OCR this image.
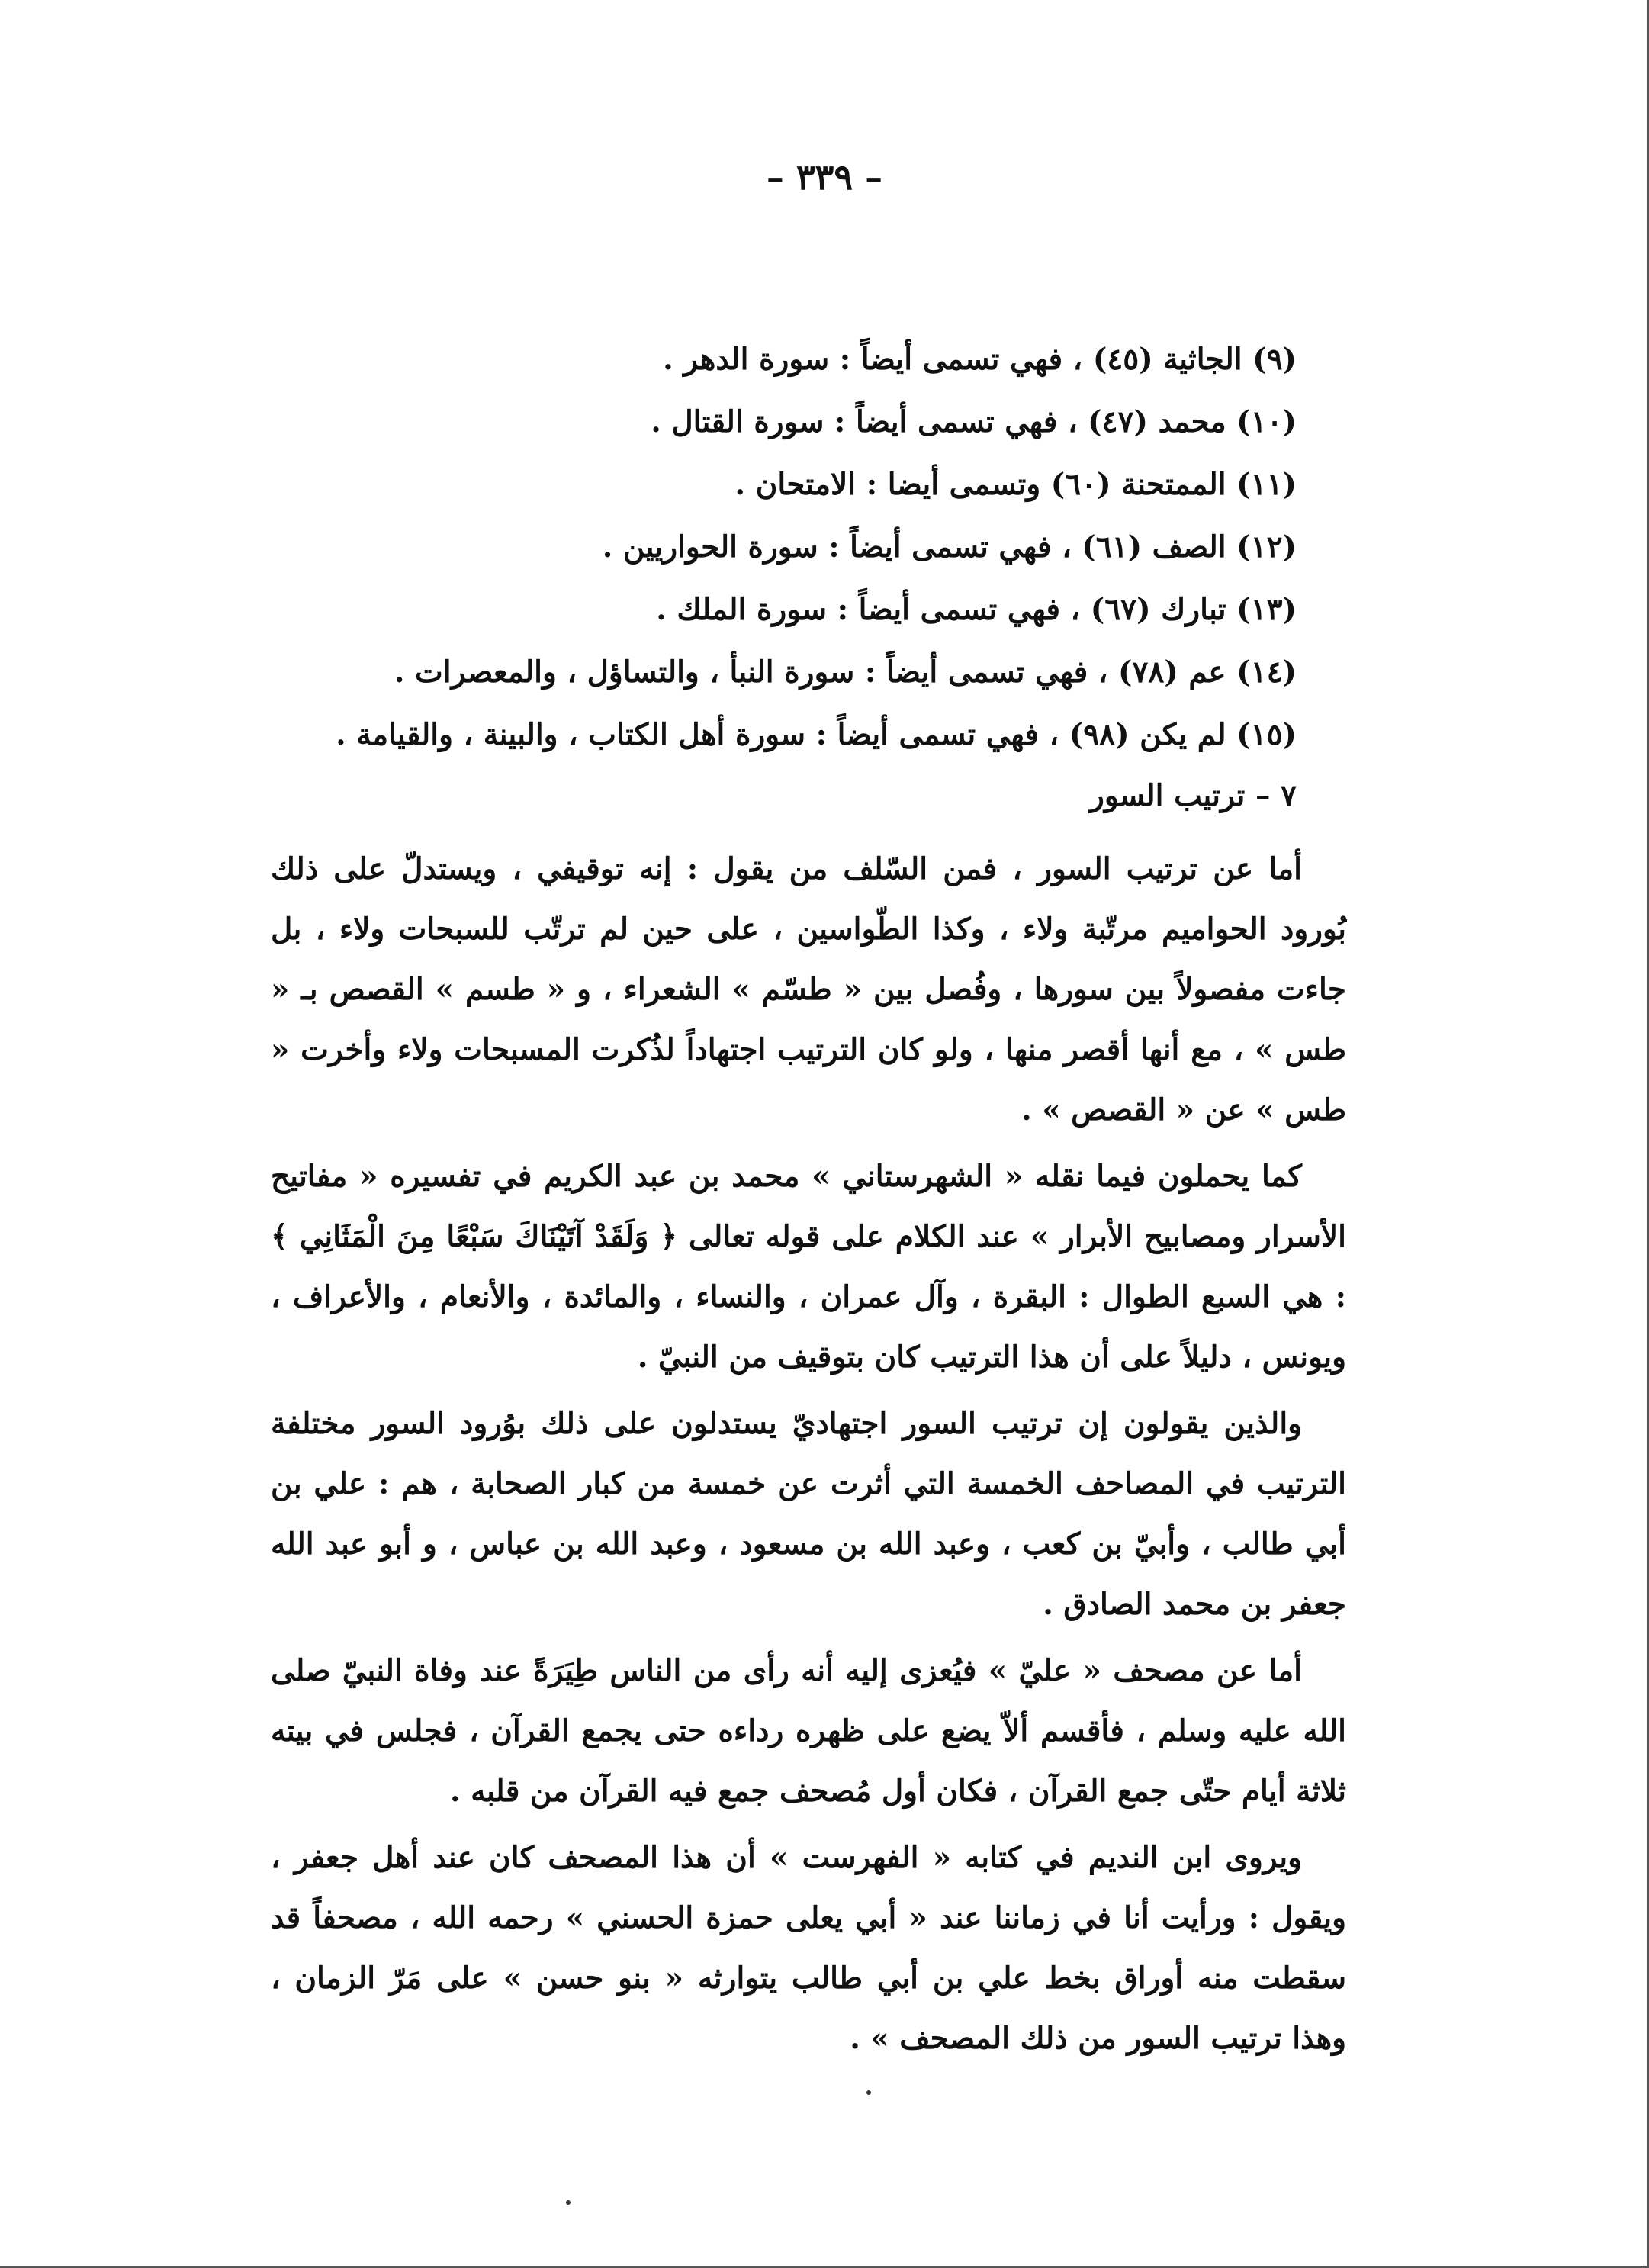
– ٣٣٩ –
(٩) الجاثية (٤٥) ، فهي تسمى أيضاً : سورة الدهر .
(١٠) محمد (٤٧) ، فهي تسمى أيضاً : سورة القتال .
(١١) الممتحنة (٦٠) وتسمى أيضا : الامتحان .
(١٢) الصف (٦١) ، فهي تسمى أيضاً : سورة الحواريين .
(١٣) تبارك (٦٧) ، فهي تسمى أيضاً : سورة الملك .
(١٤) عم (٧٨) ، فهي تسمى أيضاً : سورة النبأ ، والتساؤل ، والمعصرات .
(١٥) لم يكن (٩٨) ، فهي تسمى أيضاً : سورة أهل الكتاب ، والبينة ، والقيامة .
٧ – ترتيب السور

أما عن ترتيب السور ، فمن السّلف من يقول : إنه توقيفي ، ويستدلّ على ذلك بُورود الحواميم مرتّبة ولاء ، وكذا الطّواسين ، على حين لم ترتّب للسبحات ولاء ، بل جاءت مفصولاً بين سورها ، وفُصل بين « طسّم » الشعراء ، و « طسم » القصص بـ « طس » ، مع أنها أقصر منها ، ولو كان الترتيب اجتهاداً لذُكرت المسبحات ولاء وأخرت « طس » عن « القصص » .

كما يحملون فيما نقله « الشهرستاني » محمد بن عبد الكريم في تفسيره « مفاتيح الأسرار ومصابيح الأبرار » عند الكلام على قوله تعالى ﴿ وَلَقَدْ آتَيْنَاكَ سَبْعًا مِنَ الْمَثَانِي ﴾ : هي السبع الطوال : البقرة ، وآل عمران ، والنساء ، والمائدة ، والأنعام ، والأعراف ، ويونس ، دليلاً على أن هذا الترتيب كان بتوقيف من النبيّ .

والذين يقولون إن ترتيب السور اجتهاديّ يستدلون على ذلك بوُرود السور مختلفة الترتيب في المصاحف الخمسة التي أثرت عن خمسة من كبار الصحابة ، هم : علي بن أبي طالب ، وأبيّ بن كعب ، وعبد الله بن مسعود ، وعبد الله بن عباس ، و أبو عبد الله جعفر بن محمد الصادق .

أما عن مصحف « عليّ » فيُعزى إليه أنه رأى من الناس طِيَرَةً عند وفاة النبيّ صلى الله عليه وسلم ، فأقسم ألاّ يضع على ظهره رداءه حتى يجمع القرآن ، فجلس في بيته ثلاثة أيام حتّى جمع القرآن ، فكان أول مُصحف جمع فيه القرآن من قلبه .

ويروى ابن النديم في كتابه « الفهرست » أن هذا المصحف كان عند أهل جعفر ، ويقول : ورأيت أنا في زماننا عند « أبي يعلى حمزة الحسني » رحمه الله ، مصحفاً قد سقطت منه أوراق بخط علي بن أبي طالب يتوارثه « بنو حسن » على مَرّ الزمان ، وهذا ترتيب السور من ذلك المصحف » .
